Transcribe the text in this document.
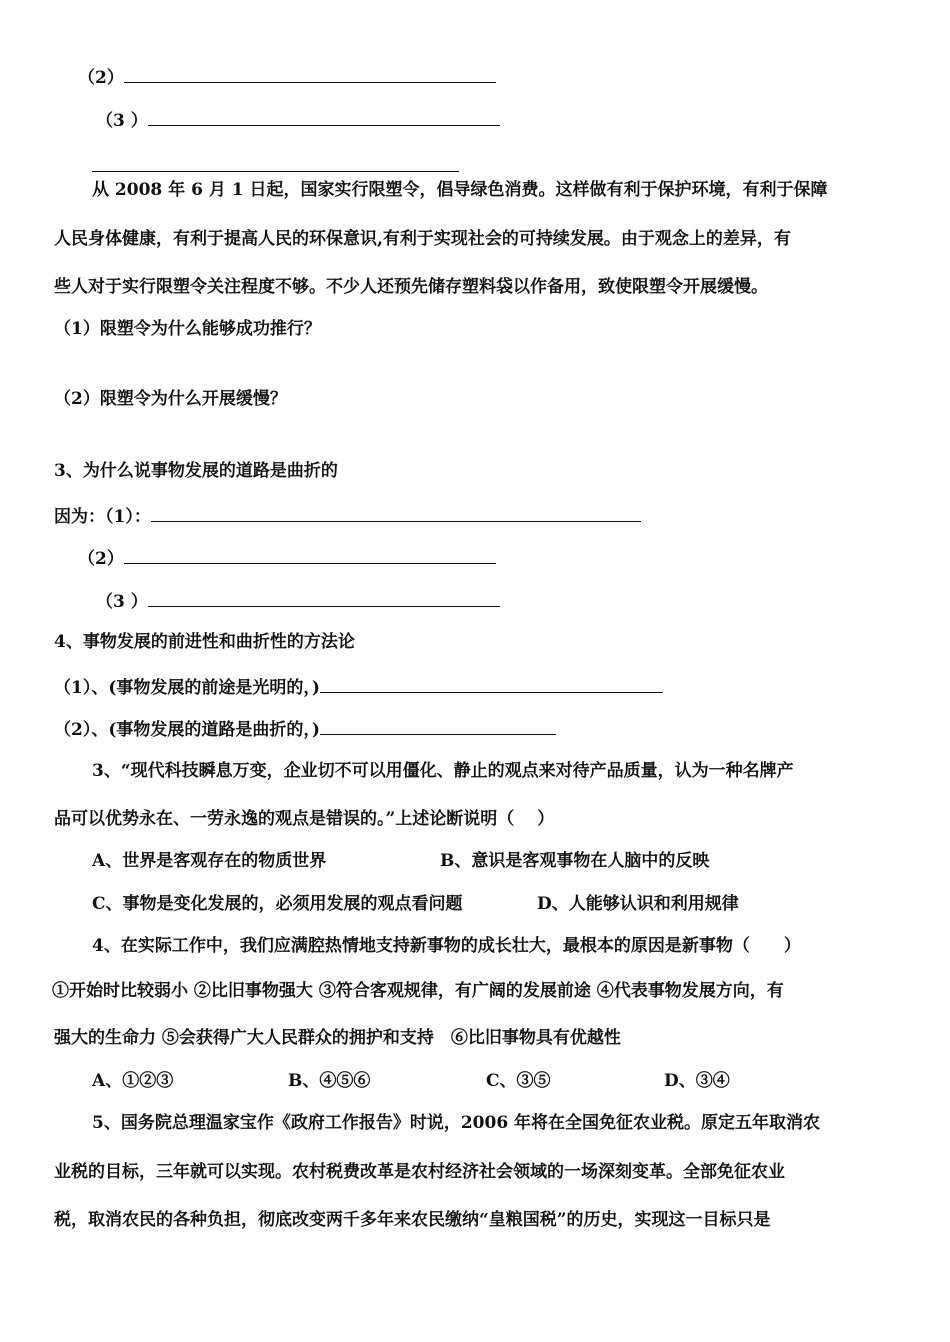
（2）
（3 ）
从 2008 年 6 月 1 日起，国家实行限塑令，倡导绿色消费。这样做有利于保护环境，有利于保障
人民身体健康，有利于提高人民的环保意识,有利于实现社会的可持续发展。由于观念上的差异，有
些人对于实行限塑令关注程度不够。不少人还预先储存塑料袋以作备用，致使限塑令开展缓慢。
（1）限塑令为什么能够成功推行？
（2）限塑令为什么开展缓慢？
3、为什么说事物发展的道路是曲折的
因为：（1）：
（2）
（3 ）
4、事物发展的前进性和曲折性的方法论
（1）、(事物发展的前途是光明的，)
（2）、(事物发展的道路是曲折的，)
3、“现代科技瞬息万变，企业切不可以用僵化、静止的观点来对待产品质量，认为一种名牌产
品可以优势永在、一劳永逸的观点是错误的。”上述论断说明（　 ）
A、世界是客观存在的物质世界	B、意识是客观事物在人脑中的反映
C、事物是变化发展的，必须用发展的观点看问题	D、人能够认识和利用规律
4、在实际工作中，我们应满腔热情地支持新事物的成长壮大，最根本的原因是新事物（　　）
①开始时比较弱小 ②比旧事物强大 ③符合客观规律，有广阔的发展前途 ④代表事物发展方向，有
强大的生命力 ⑤会获得广大人民群众的拥护和支持　⑥比旧事物具有优越性
A、①②③	B、④⑤⑥	C、③⑤	D、③④
5、国务院总理温家宝作《政府工作报告》时说，2006 年将在全国免征农业税。原定五年取消农
业税的目标，三年就可以实现。农村税费改革是农村经济社会领域的一场深刻变革。全部免征农业
税，取消农民的各种负担，彻底改变两千多年来农民缴纳“皇粮国税”的历史，实现这一目标只是
